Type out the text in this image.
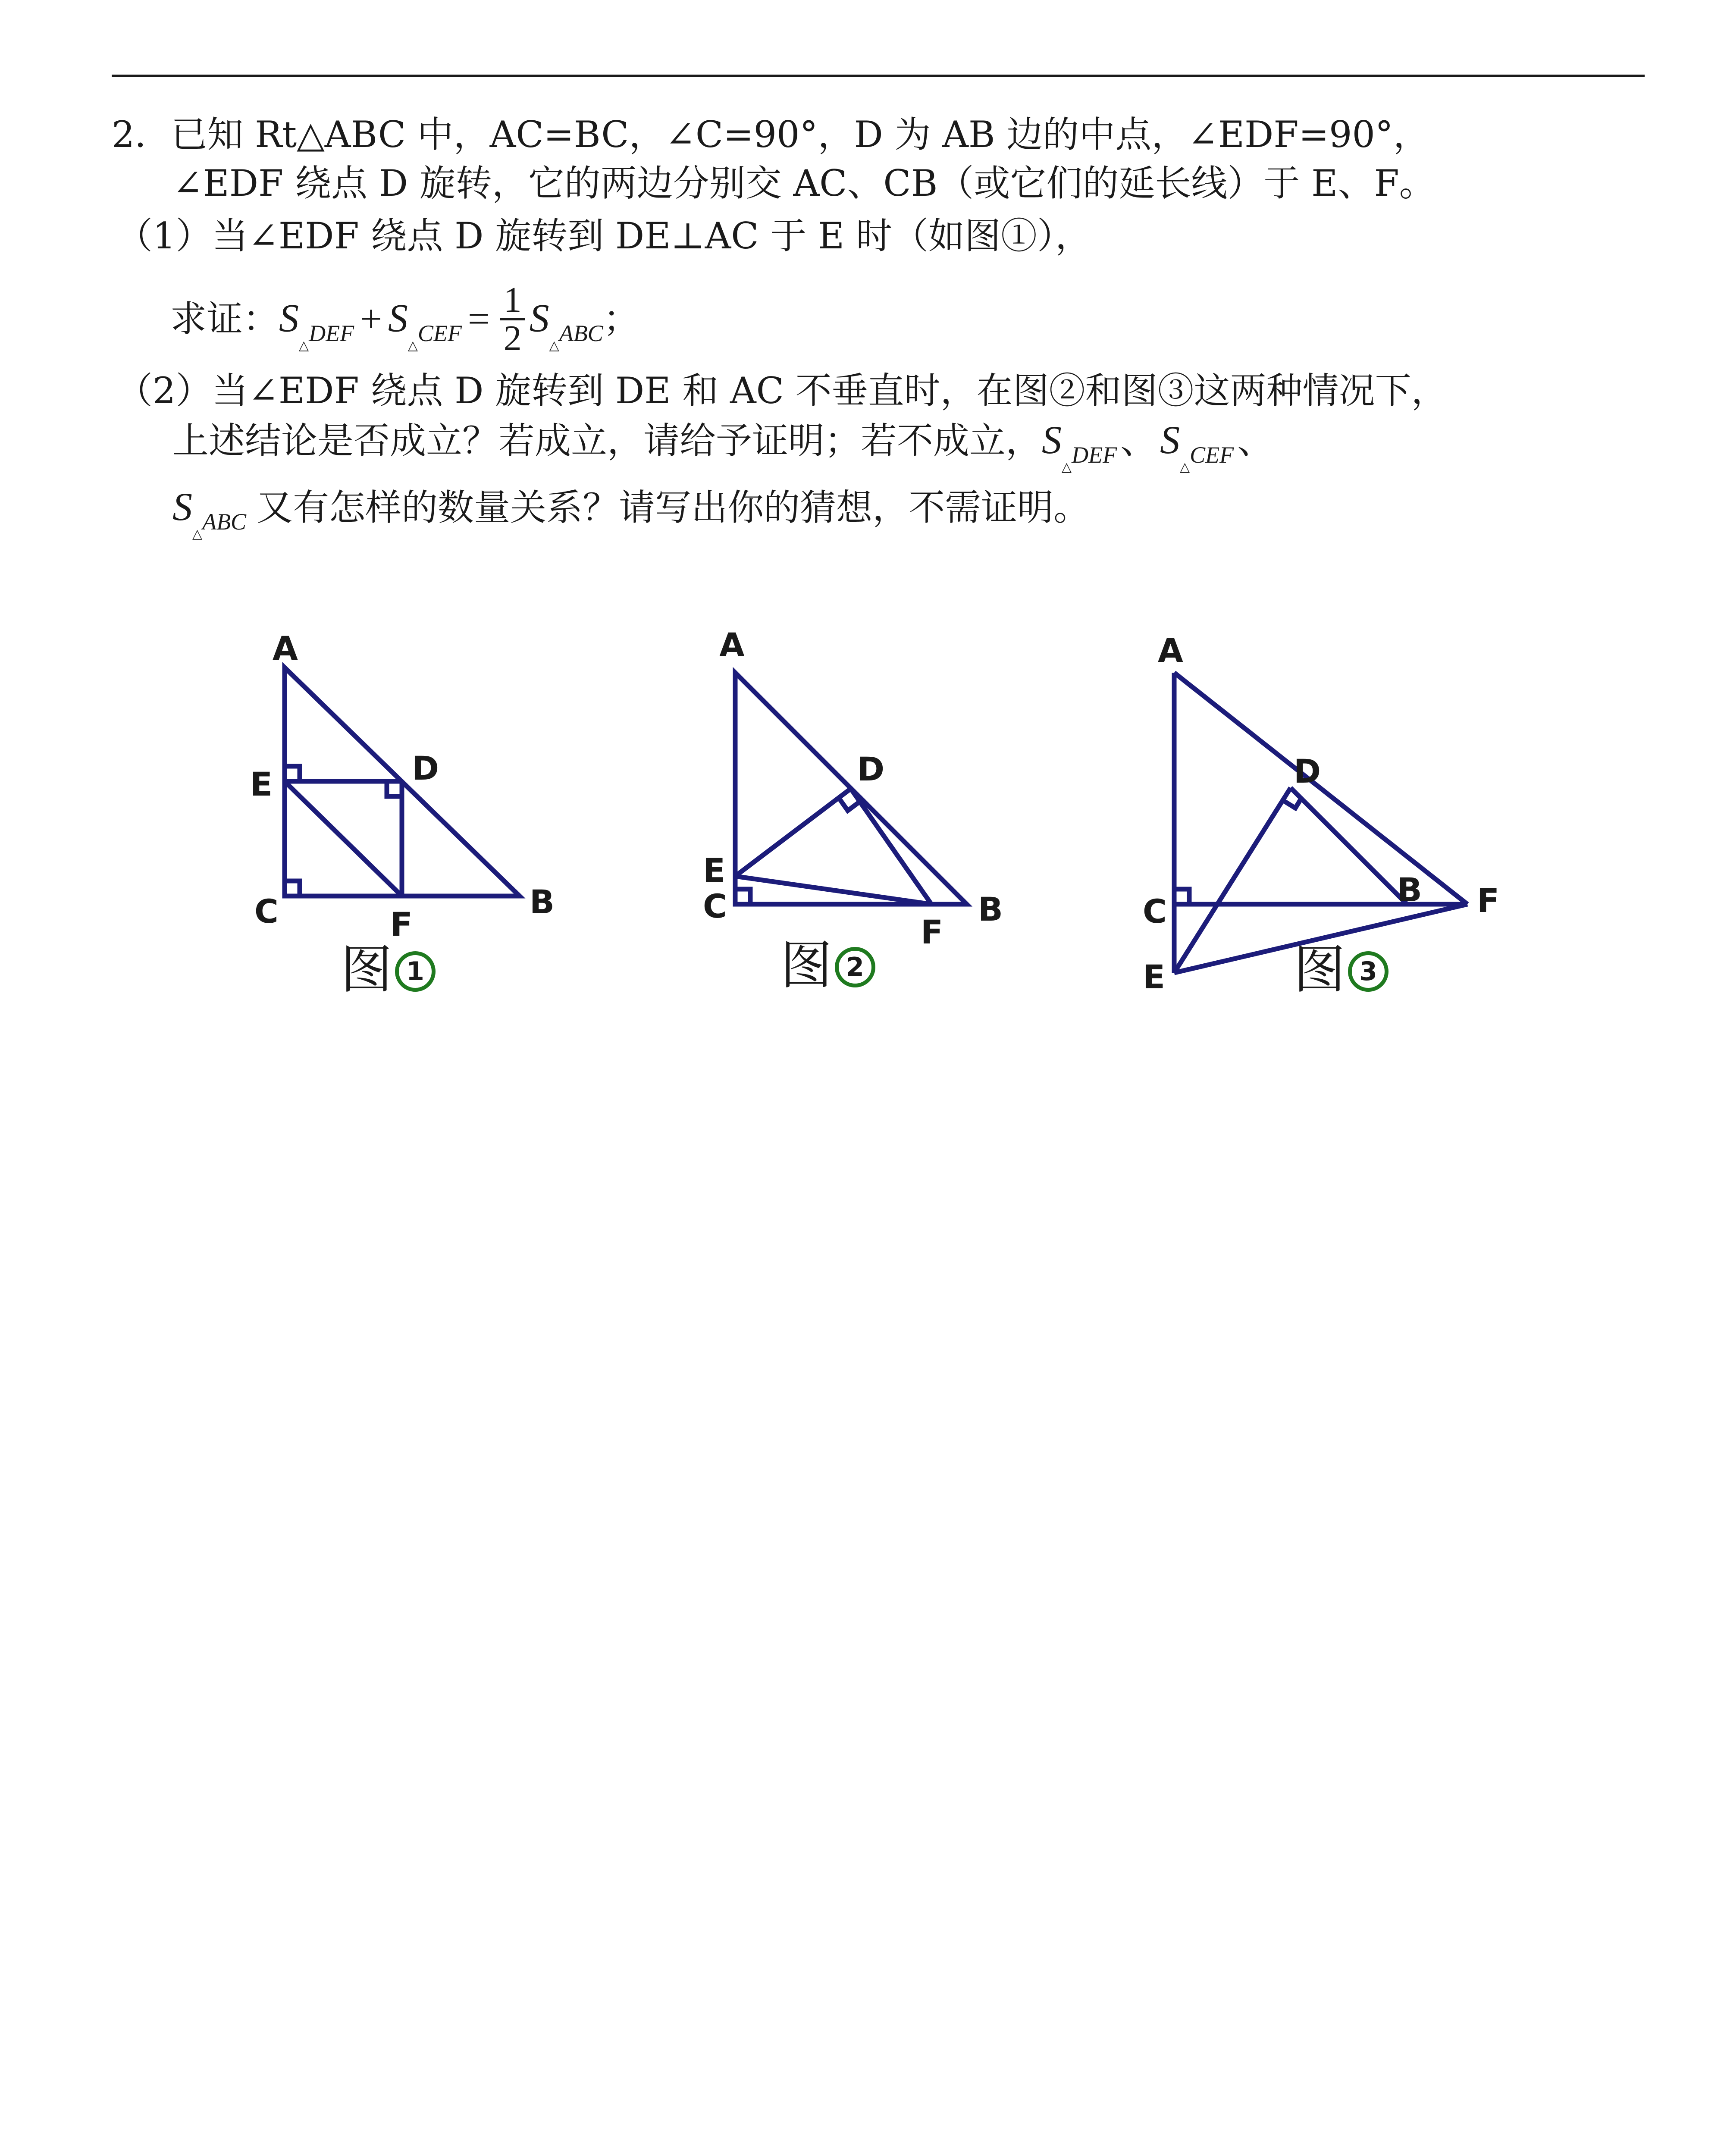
2．已知 Rt△ABC 中，AC=BC，∠C=90°，D 为 AB 边的中点，∠EDF=90°，
∠EDF 绕点 D 旋转，它的两边分别交 AC、CB（或它们的延长线）于 E、F。
（1）当∠EDF 绕点 D 旋转到 DE⊥AC 于 E 时（如图①），
求证：$S_{_\triangle DEF} + S_{_\triangle CEF} = \frac{1}{2} S_{_\triangle ABC}$；
（2）当∠EDF 绕点 D 旋转到 DE 和 AC 不垂直时，在图②和图③这两种情况下，
上述结论是否成立？若成立，请给予证明；若不成立，$S_{_\triangle DEF}$、$S_{_\triangle CEF}$、
$S_{_\triangle ABC}$ 又有怎样的数量关系？请写出你的猜想，不需证明。
A
E	D
C	F
B
A
D
E
C
F
B
A
D
B
C	F
E
图 1	图 2	图 3
